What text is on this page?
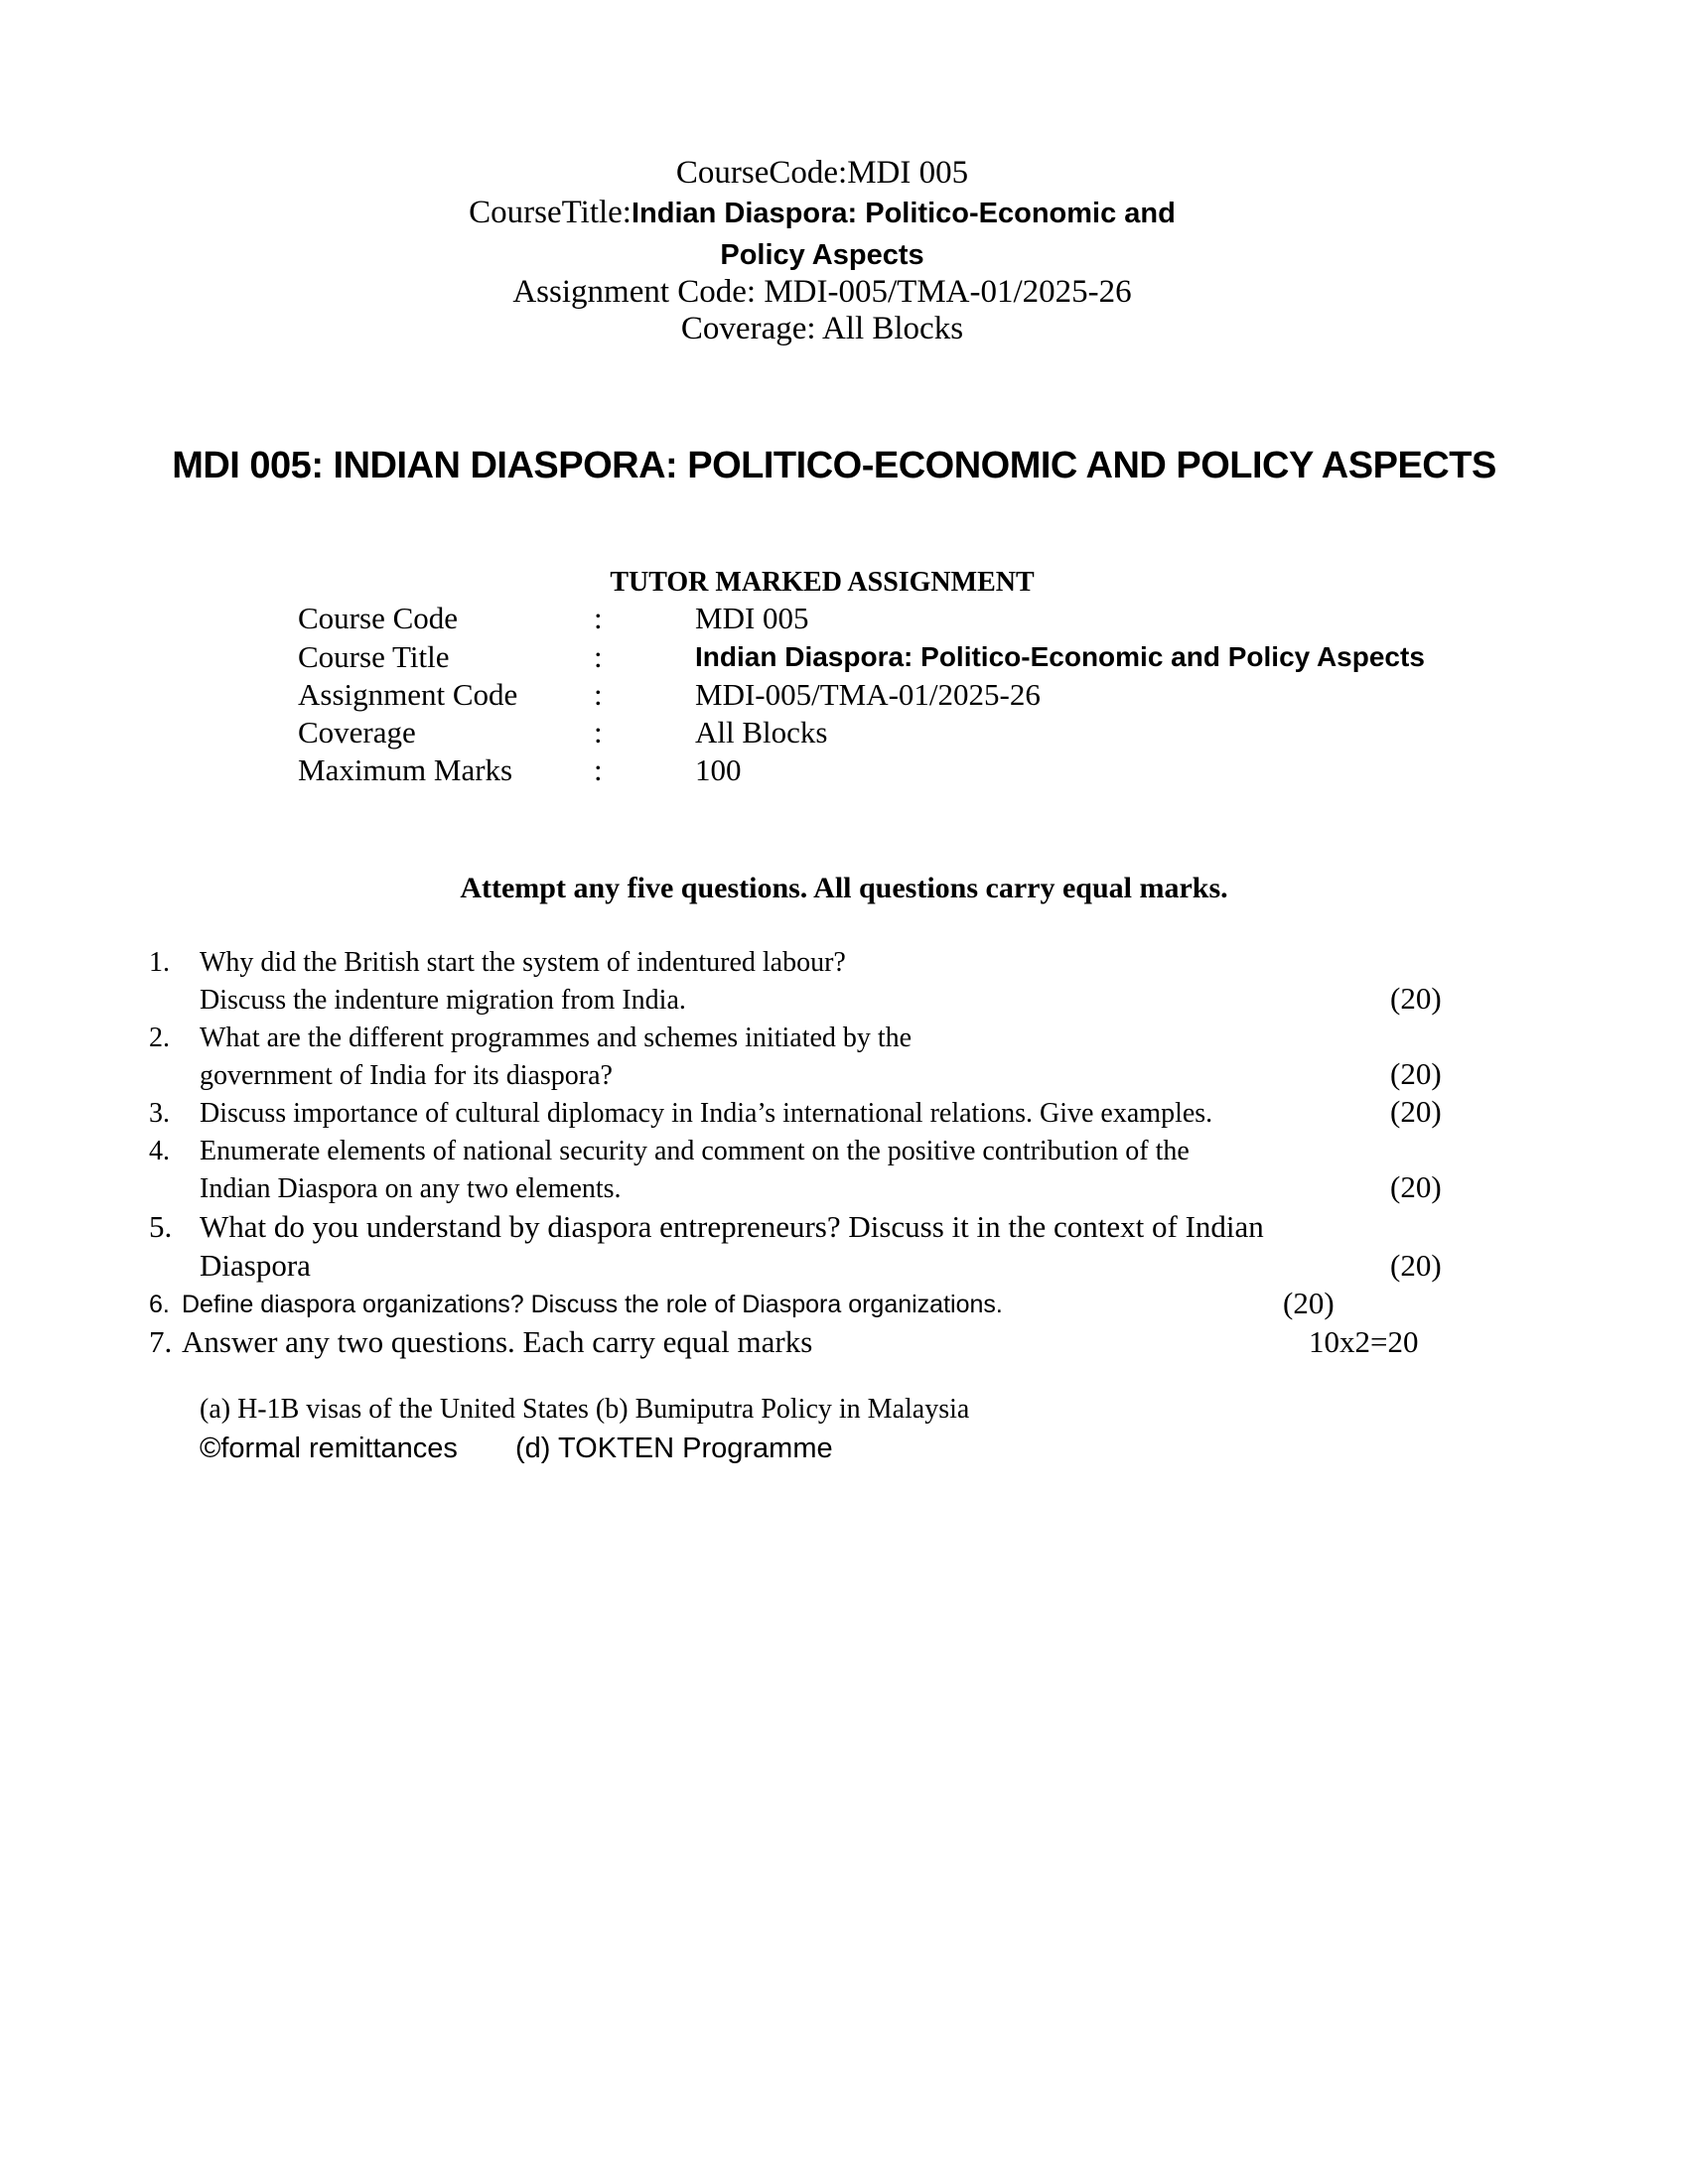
CourseCode:MDI 005
CourseTitle:Indian Diaspora: Politico-Economic and
Policy Aspects
Assignment Code: MDI-005/TMA-01/2025-26
Coverage: All Blocks
MDI 005: INDIAN DIASPORA: POLITICO-ECONOMIC AND POLICY ASPECTS
TUTOR MARKED ASSIGNMENT
Course Code	:	MDI 005
Course Title	:	Indian Diaspora: Politico-Economic and Policy Aspects
Assignment Code :	MDI-005/TMA-01/2025-26
Coverage	:	All Blocks
Maximum Marks	:	100
Attempt any five questions. All questions carry equal marks.
1. Why did the British start the system of indentured labour?
Discuss the indenture migration from India.	(20)
2. What are the different programmes and schemes initiated by the
government of India for its diaspora?	(20)
3. Discuss importance of cultural diplomacy in India’s international relations. Give examples.	(20)
4. Enumerate elements of national security and comment on the positive contribution of the
Indian Diaspora on any two elements.	(20)
5. What do you understand by diaspora entrepreneurs? Discuss it in the context of Indian
Diaspora	(20)
6. Define diaspora organizations? Discuss the role of Diaspora organizations.	(20)
7. Answer any two questions. Each carry equal marks	10x2=20
(a) H-1B visas of the United States (b) Bumiputra Policy in Malaysia
©formal remittances (d) TOKTEN Programme
